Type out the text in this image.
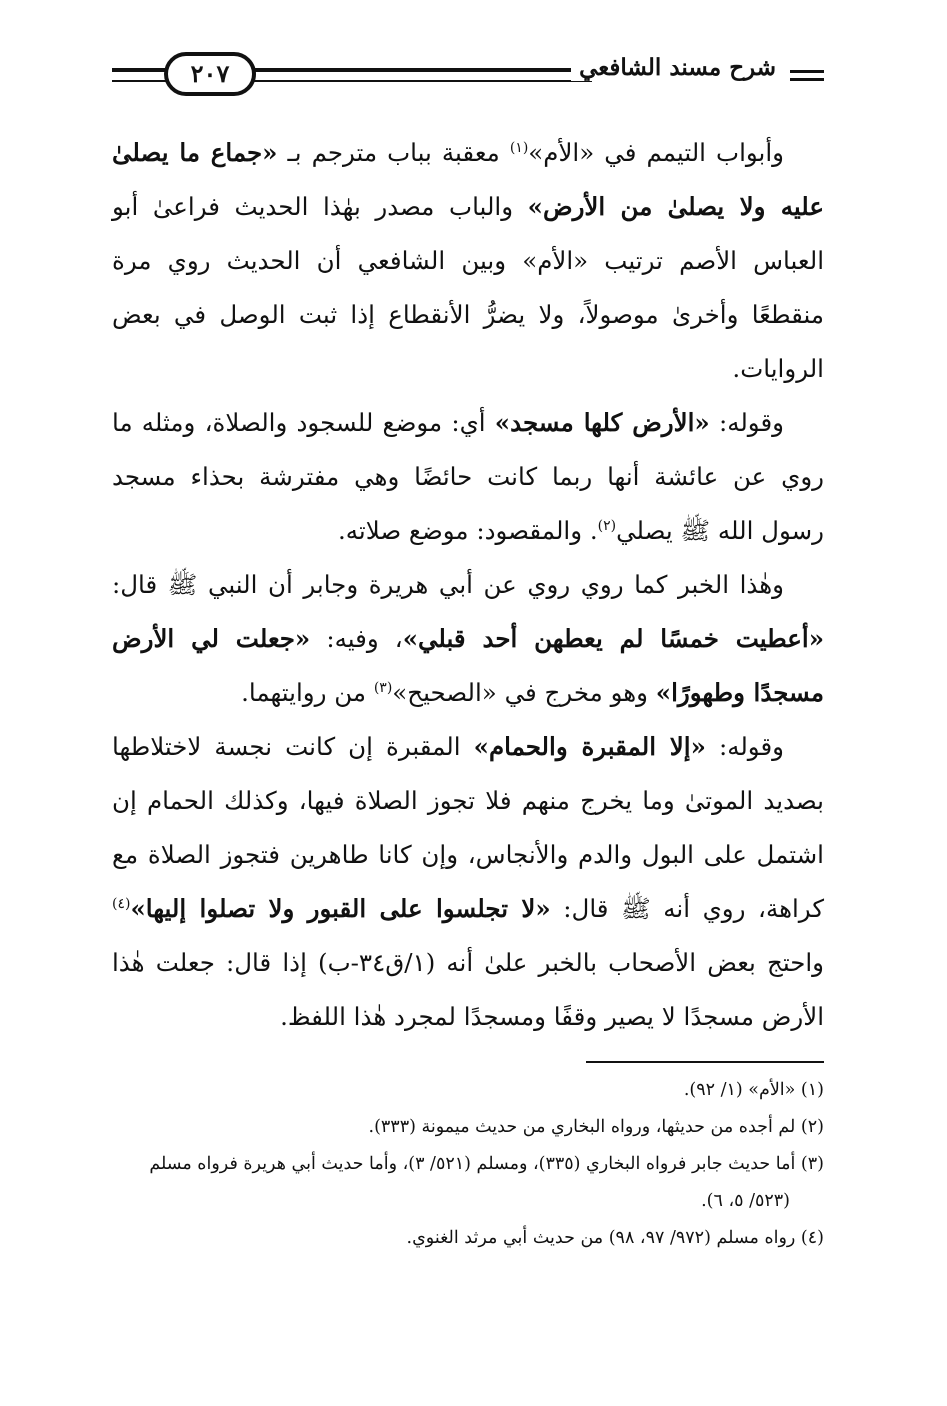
شرح مسند الشافعي
٢٠٧

وأبواب التيمم في «الأم»$^{(١)}$ معقبة بباب مترجم بـ «جماع ما يصلىٰ عليه ولا يصلىٰ من الأرض» والباب مصدر بهٰذا الحديث فراعىٰ أبو العباس الأصم ترتيب «الأم» وبين الشافعي أن الحديث روي مرة منقطعًا وأخرىٰ موصولاً، ولا يضرُّ الأنقطاع إذا ثبت الوصل في بعض الروايات.

وقوله: «الأرض كلها مسجد» أي: موضع للسجود والصلاة، ومثله ما روي عن عائشة أنها ربما كانت حائضًا وهي مفترشة بحذاء مسجد رسول الله ﷺ يصلي$^{(٢)}$. والمقصود: موضع صلاته.

وهٰذا الخبر كما روي روي عن أبي هريرة وجابر أن النبي ﷺ قال: «أعطيت خمسًا لم يعطهن أحد قبلي»، وفيه: «جعلت لي الأرض مسجدًا وطهورًا» وهو مخرج في «الصحيح»$^{(٣)}$ من روايتهما.

وقوله: «إلا المقبرة والحمام» المقبرة إن كانت نجسة لاختلاطها بصديد الموتىٰ وما يخرج منهم فلا تجوز الصلاة فيها، وكذلك الحمام إن اشتمل على البول والدم والأنجاس، وإن كانا طاهرين فتجوز الصلاة مع كراهة، روي أنه ﷺ قال: «لا تجلسوا على القبور ولا تصلوا إليها»$^{(٤)}$ واحتج بعض الأصحاب بالخبر علىٰ أنه (١/ق٣٤-ب) إذا قال: جعلت هٰذا الأرض مسجدًا لا يصير وقفًا ومسجدًا لمجرد هٰذا اللفظ.

(١) «الأم» (١/ ٩٢).

(٢) لم أجده من حديثها، ورواه البخاري من حديث ميمونة (٣٣٣).

(٣) أما حديث جابر فرواه البخاري (٣٣٥)، ومسلم (٥٢١/ ٣)، وأما حديث أبي هريرة فرواه مسلم (٥٢٣/ ٥، ٦).

(٤) رواه مسلم (٩٧٢/ ٩٧، ٩٨) من حديث أبي مرثد الغنوي.
